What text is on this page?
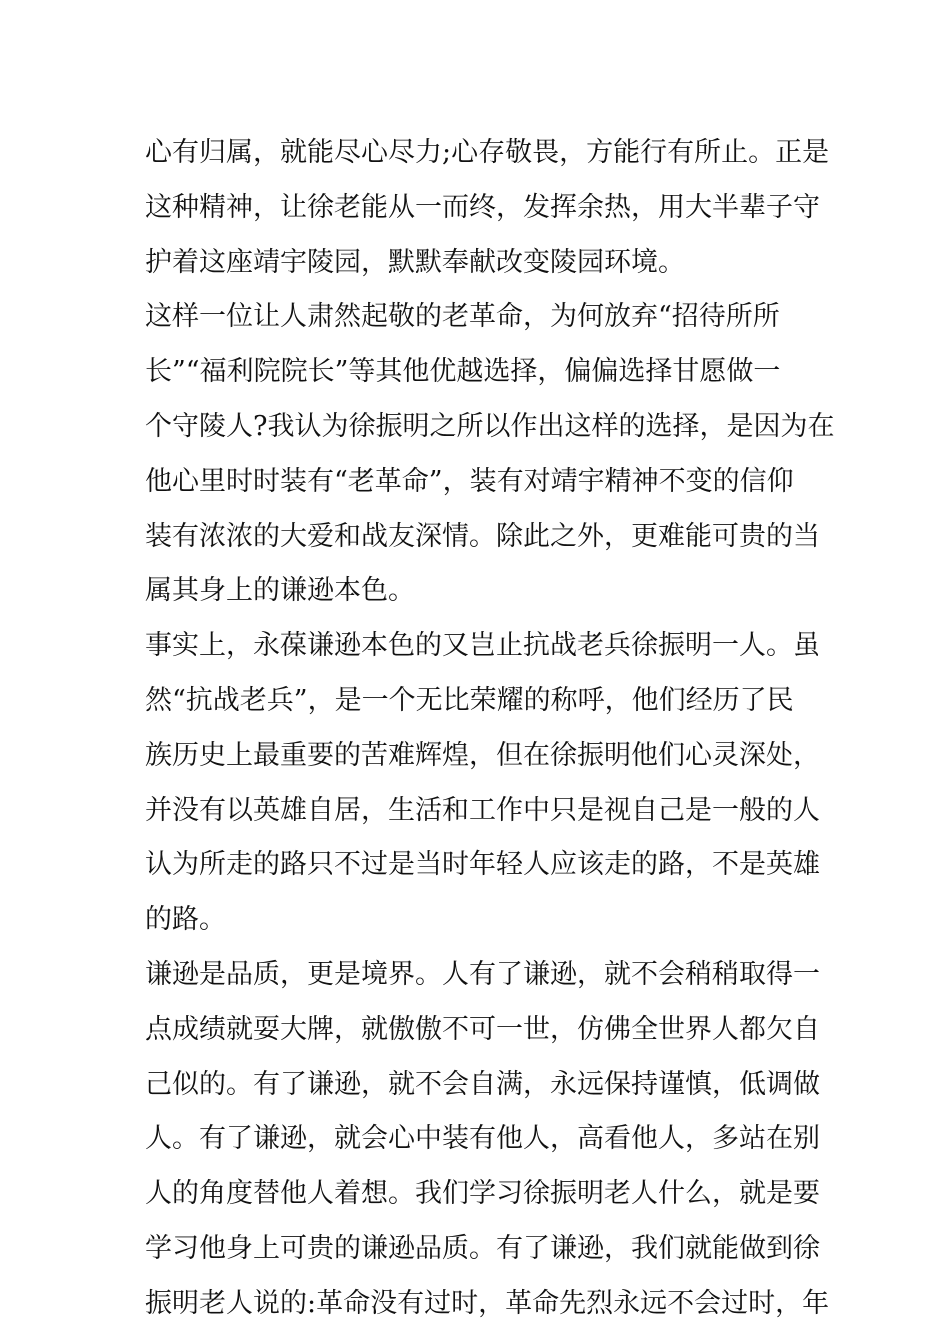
心有归属，就能尽心尽力;心存敬畏，方能行有所止。正是
这种精神，让徐老能从一而终，发挥余热，用大半辈子守
护着这座靖宇陵园，默默奉献改变陵园环境。
这样一位让人肃然起敬的老革命，为何放弃“招待所所
长”“福利院院长”等其他优越选择，偏偏选择甘愿做一
个守陵人?我认为徐振明之所以作出这样的选择，是因为在
他心里时时装有“老革命”，装有对靖宇精神不变的信仰
装有浓浓的大爱和战友深情。除此之外，更难能可贵的当
属其身上的谦逊本色。
事实上，永葆谦逊本色的又岂止抗战老兵徐振明一人。虽
然“抗战老兵”，是一个无比荣耀的称呼，他们经历了民
族历史上最重要的苦难辉煌，但在徐振明他们心灵深处，
并没有以英雄自居，生活和工作中只是视自己是一般的人
认为所走的路只不过是当时年轻人应该走的路，不是英雄
的路。
谦逊是品质，更是境界。人有了谦逊，就不会稍稍取得一
点成绩就耍大牌，就傲傲不可一世，仿佛全世界人都欠自
己似的。有了谦逊，就不会自满，永远保持谨慎，低调做
人。有了谦逊，就会心中装有他人，高看他人，多站在别
人的角度替他人着想。我们学习徐振明老人什么，就是要
学习他身上可贵的谦逊品质。有了谦逊，我们就能做到徐
振明老人说的:革命没有过时，革命先烈永远不会过时，年
